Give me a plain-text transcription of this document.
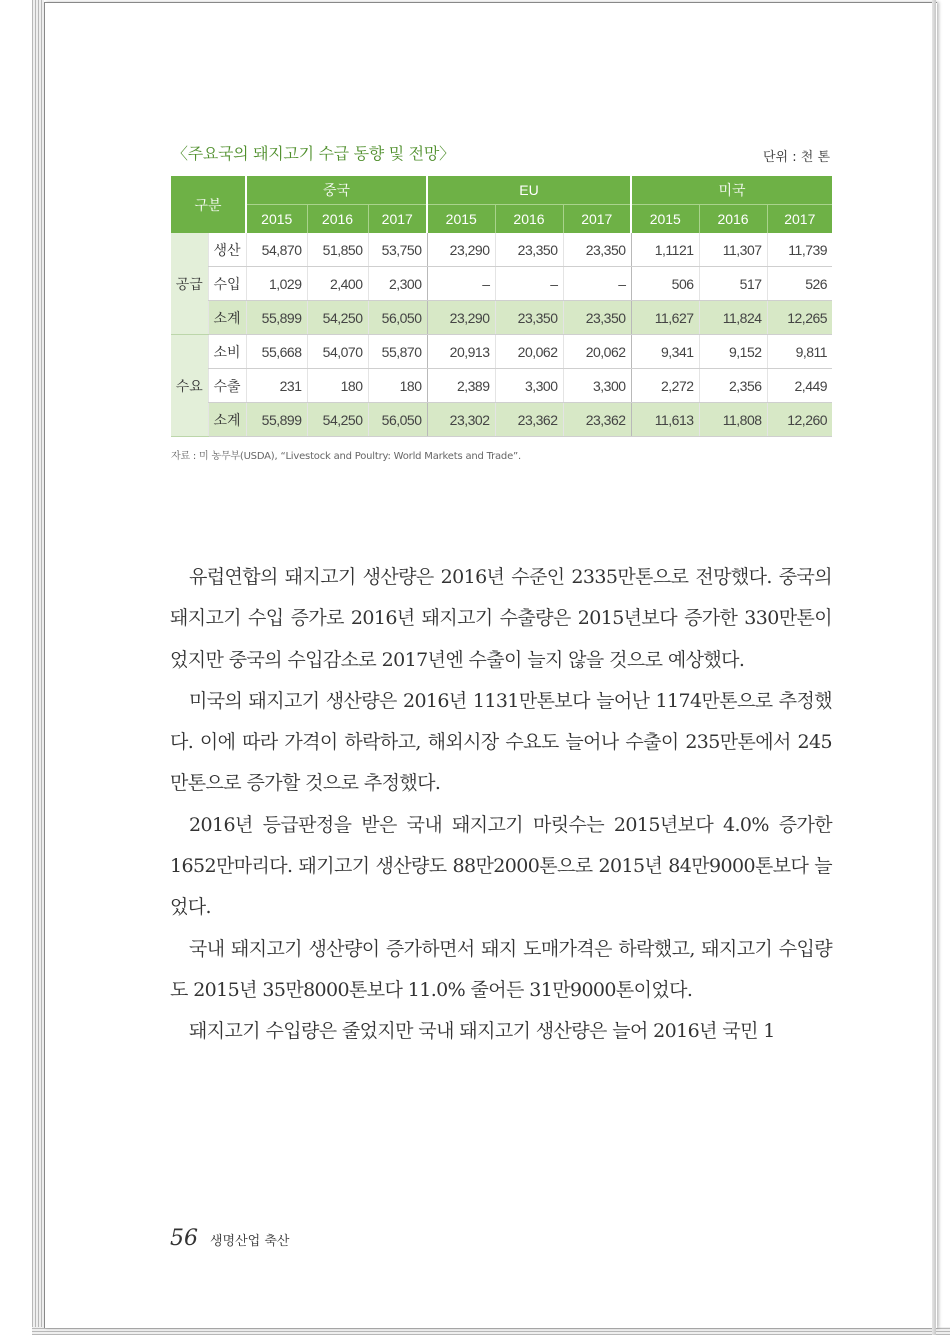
〈주요국의 돼지고기 수급 동향 및 전망〉	단위 : 천 톤
구분		중국			EU			미국		
		2015	2016	2017	2015	2016	2017	2015	2016	2017
공급	생산	54,870	51,850	53,750	23,290	23,350	23,350	1,1121	11,307	11,739
	수입	1,029	2,400	2,300	–	–	–	506	517	526
	소계	55,899	54,250	56,050	23,290	23,350	23,350	11,627	11,824	12,265
수요	소비	55,668	54,070	55,870	20,913	20,062	20,062	9,341	9,152	9,811
	수출	231	180	180	2,389	3,300	3,300	2,272	2,356	2,449
	소계	55,899	54,250	56,050	23,302	23,362	23,362	11,613	11,808	12,260
자료 : 미 농무부(USDA), “Livestock and Poultry: World Markets and Trade”.

유럽연합의 돼지고기 생산량은 2016년 수준인 2335만톤으로 전망했다. 중국의 돼지고기 수입 증가로 2016년 돼지고기 수출량은 2015년보다 증가한 330만톤이었지만 중국의 수입감소로 2017년엔 수출이 늘지 않을 것으로 예상했다.

미국의 돼지고기 생산량은 2016년 1131만톤보다 늘어난 1174만톤으로 추정했다. 이에 따라 가격이 하락하고, 해외시장 수요도 늘어나 수출이 235만톤에서 245만톤으로 증가할 것으로 추정했다.

2016년 등급판정을 받은 국내 돼지고기 마릿수는 2015년보다 4.0% 증가한 1652만마리다. 돼기고기 생산량도 88만2000톤으로 2015년 84만9000톤보다 늘었다.

국내 돼지고기 생산량이 증가하면서 돼지 도매가격은 하락했고, 돼지고기 수입량도 2015년 35만8000톤보다 11.0% 줄어든 31만9000톤이었다.

돼지고기 수입량은 줄었지만 국내 돼지고기 생산량은 늘어 2016년 국민 1

56 생명산업 축산
